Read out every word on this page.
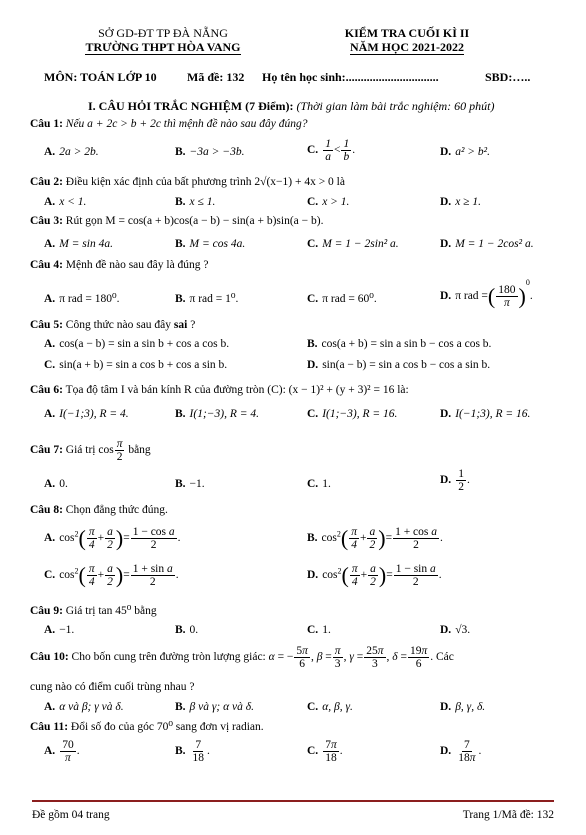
SỞ GD-ĐT TP ĐÀ NẴNG
TRƯỜNG THPT HÒA VANG
KIỂM TRA CUỐI KÌ II
NĂM HỌC 2021-2022
MÔN: TOÁN LỚP 10	Mã đề: 132 Họ tên học sinh:...............................	SBD:…..
I. CÂU HỎI TRẮC NGHIỆM (7 Điểm): (Thời gian làm bài trắc nghiệm: 60 phút)
Câu 1: Nếu a + 2c > b + 2c thì mệnh đề nào sau đây đúng?
A. 2a > 2b.	B. −3a > −3b.	C. $\frac{1}{a} < \frac{1}{b}$ .	D. a² > b².
Câu 2: Điều kiện xác định của bất phương trình 2√(x−1) + 4x > 0 là
A. x < 1.	B. x ≤ 1.	C. x > 1.	D. x ≥ 1.
Câu 3: Rút gọn M = cos(a + b)cos(a − b) − sin(a + b)sin(a − b).
A. M = sin 4a.	B. M = cos 4a.	C. M = 1 − 2sin² a.	D. M = 1 − 2cos² a.
Câu 4: Mệnh đề nào sau đây là đúng ?
A. π rad = 180⁰.	B. π rad = 1⁰.	C. π rad = 60⁰.	D. π rad =( $\frac{180}{\pi} )^0$.
Câu 5: Công thức nào sau đây sai ?
A. cos(a − b) = sin a sin b + cos a cos b.	B. cos(a + b) = sin a sin b − cos a cos b.
C. sin(a + b) = sin a cos b + cos a sin b.	D. sin(a − b) = sin a cos b − cos a sin b.
Câu 6: Tọa độ tâm I và bán kính R của đường tròn (C): (x − 1)² + (y + 3)² = 16 là:
A. I(−1;3), R = 4.	B. I(1;−3), R = 4.	C. I(1;−3), R = 16.	D. I(−1;3), R = 16.
Câu 7: Giá trị $\cos \frac{\pi}{2}$ bằng
A. 0.	B. −1.	C. 1.	D. $\frac{1}{2}$ .
Câu 8: Chọn đẳng thức đúng.
A. $\cos^2( \frac{\pi}{4} + \frac{a}{2}$ )= $\frac{\text{1 − cos a}}{2}$ .	B. $\cos^2( \frac{\pi}{4} + \frac{a}{2}$ )= $\frac{\text{1 + cos a}}{2}$ .
C. $\cos^2( \frac{\pi}{4} + \frac{a}{2}$ )= $\frac{\text{1 + sin a}}{2}$ .	D. $\cos^2( \frac{\pi}{4} + \frac{a}{2}$ )= $\frac{\text{1 − sin a}}{2}$ .
Câu 9: Giá trị tan 45⁰ bằng
A. −1.	B. 0.	C. 1.	D. √3.
Câu 10: Cho bốn cung trên đường tròn lượng giác: α = − $\frac{5\pi}{6}$ , $\beta = \frac{\pi}{3}$ , $\gamma = \frac{25\pi}{3}$ , $\delta = \frac{19\pi}{6}$ . Các
cung nào có điểm cuối trùng nhau ?
A. α và β; γ và δ.	B. β và γ; α và δ.	C. α, β, γ.	D. β, γ, δ.
Câu 11: Đổi số đo của góc 70⁰ sang đơn vị radian.
A. $\frac{70}{\pi}$ .	B. $\frac{7}{18}$ .	C. $\frac{7\pi}{18}$ .	D. $\frac{7}{18\pi}$ .
Đề gồm 04 trang	Trang 1/Mã đề: 132
